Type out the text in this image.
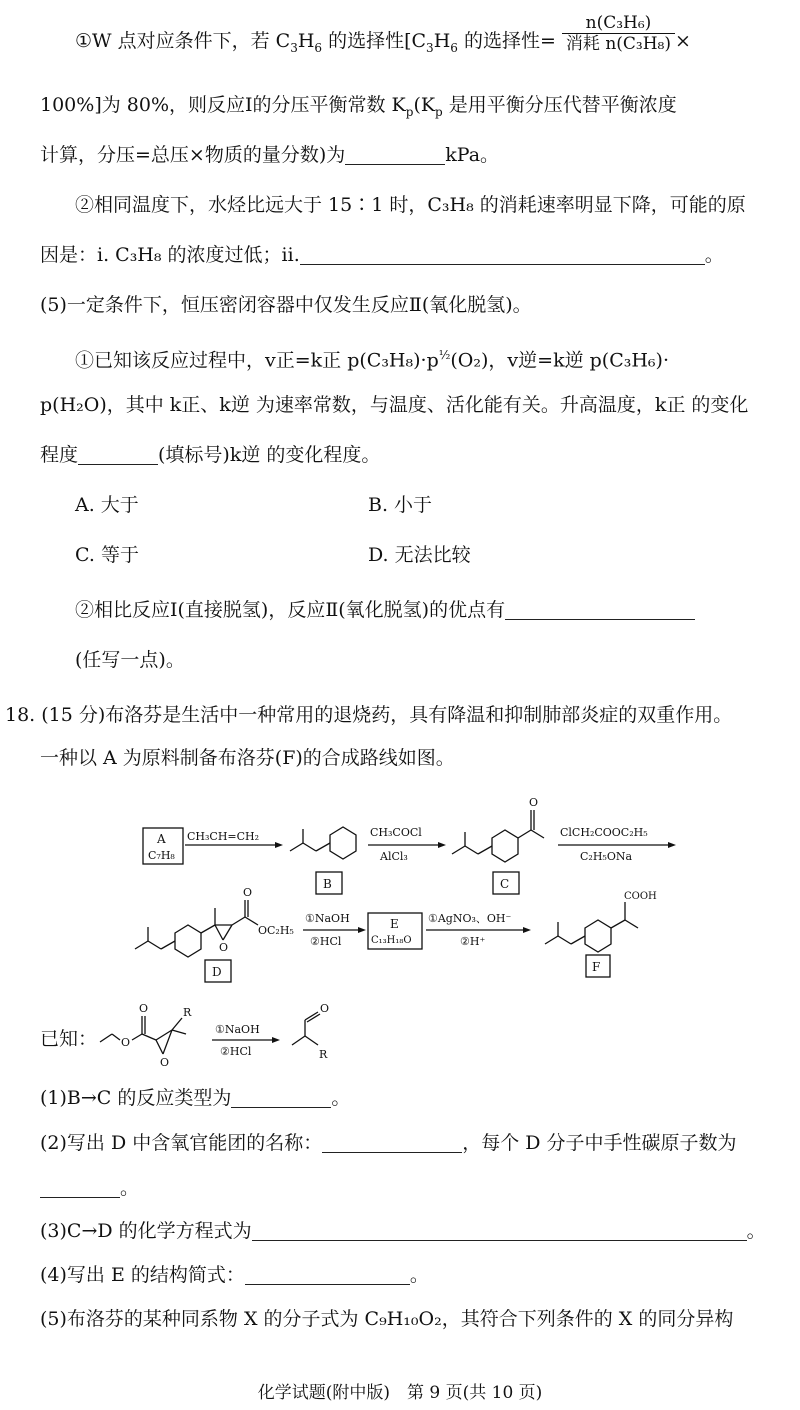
①W 点对应条件下，若 $C_3H_6$ 的选择性[$C_3H_6$ 的选择性= $\frac{\text{n(C₃H₆)}}{\text{消耗 n(C₃H₈)}}$ ×
100%]为 80%，则反应Ⅰ的分压平衡常数 $K_p(K_p$ 是用平衡分压代替平衡浓度
计算，分压=总压×物质的量分数)为	kPa。
②相同温度下，水烃比远大于 15∶1 时，C₃H₈ 的消耗速率明显下降，可能的原
因是：ⅰ. C₃H₈ 的浓度过低；ⅱ.	。
(5)一定条件下，恒压密闭容器中仅发生反应Ⅱ(氧化脱氢)。
①已知该反应过程中，v正=k正 $p(C_3H_8)\cdot p^{\frac{1}{2}}(O_2)$，v逆=k逆 p(C₃H₆)·
p(H₂O)，其中 k正、k逆 为速率常数，与温度、活化能有关。升高温度，k正 的变化
程度	(填标号)k逆 的变化程度。
A. 大于	B. 小于
C. 等于	D. 无法比较
②相比反应Ⅰ(直接脱氢)，反应Ⅱ(氧化脱氢)的优点有
(任写一点)。
18. (15 分)布洛芬是生活中一种常用的退烧药，具有降温和抑制肺部炎症的双重作用。
一种以 A 为原料制备布洛芬(F)的合成路线如图。
A
C₇H₈
CH₃CH=CH₂
B
CH₃COCl
AlCl₃
O
C
ClCH₂COOC₂H₅
C₂H₅ONa
O
O
OC₂H₅
D
①NaOH
②HCl
E
C₁₃H₁₈O
①AgNO₃、OH⁻
②H⁺
COOH
F
已知： O
O
O
R
①NaOH
②HCl
O
R
(1)B→C 的反应类型为	。
(2)写出 D 中含氧官能团的名称：	，每个 D 分子中手性碳原子数为
。
(3)C→D 的化学方程式为	。
(4)写出 E 的结构简式：	。
(5)布洛芬的某种同系物 X 的分子式为 C₉H₁₀O₂，其符合下列条件的 X 的同分异构
化学试题(附中版)　第 9 页(共 10 页)
